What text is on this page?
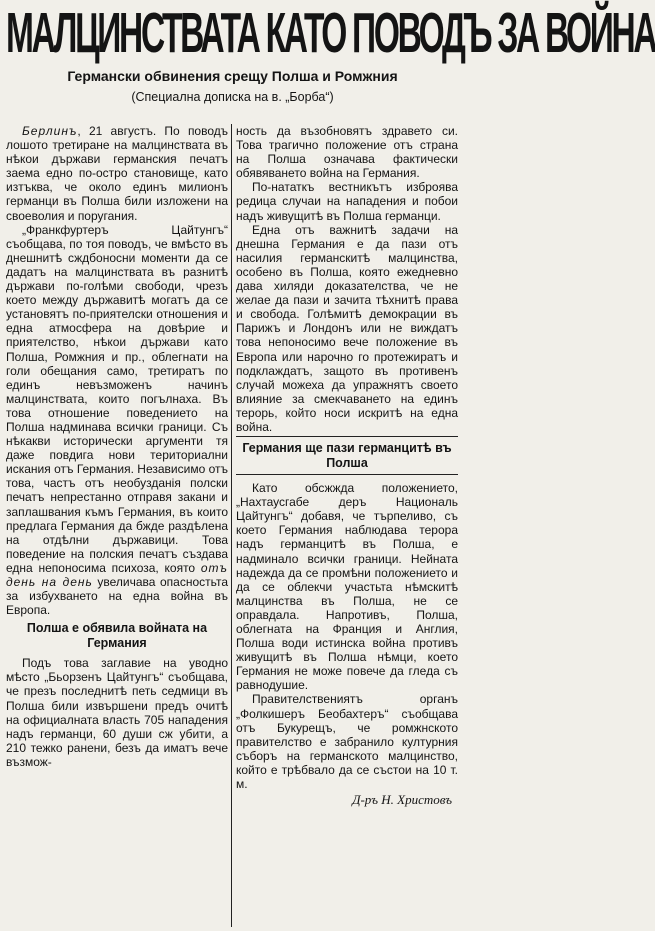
МАЛЦИНСТВАТА КАТО ПОВОДЪ ЗА ВОЙНА
Германски обвинения срещу Полша и Ромжния
(Специална дописка на в. „Борба“)

Берлинъ, 21 августъ. По поводъ лошото третиране на малцинствата въ нѣкои държави германския печатъ заема едно по-остро становище, като изтъква, че около единъ милионъ германци въ Полша били изложени на своеволия и поругания.

„Франкфуртеръ Цайтунгъ“ съобщава, по тоя поводъ, че вмѣсто въ днешнитѣ сждбоносни моменти да се дадатъ на малцинствата въ разнитѣ държави по-голѣми свободи, чрезъ което между държавитѣ могатъ да се установятъ по-приятелски отношения и една атмосфера на довѣрие и приятелство, нѣкои държави като Полша, Ромжния и пр., облегнати на голи обещания само, третиратъ по единъ невъзможенъ начинъ малцинствата, които погълнаха. Въ това отношение поведението на Полша надминава всички граници. Съ нѣкакви исторически аргументи тя даже повдига нови териториални искания отъ Германия. Независимо отъ това, частъ отъ необузданія полски печатъ непрестанно отправя закани и заплашвания къмъ Германия, въ които предлага Германия да бжде раздѣлена на отдѣлни държавици. Това поведение на полския печатъ създава една непоносима психоза, която отъ день на день увеличава опасностьта за избухването на една война въ Европа.

Полша е обявила войната на Германия

Подъ това заглавие на уводно мѣсто „Бьорзенъ Цайтунгъ“ съобщава, че презъ последнитѣ петь седмици въ Полша били извършени предъ очитѣ на официалната власть 705 нападения надъ германци, 60 души сж убити, а 210 тежко ранени, безъ да иматъ вече възмож-

ность да възобновятъ здравето си. Това трагично положение отъ страна на Полша означава фактически обявяването война на Германия.

По-нататкъ вестникътъ изброява редица случаи на нападения и побои надъ живущитѣ въ Полша германци.

Една отъ важнитѣ задачи на днешна Германия е да пази отъ насилия германскитѣ малцинства, особено въ Полша, която ежедневно дава хиляди доказателства, че не желае да пази и зачита тѣхнитѣ права и свобода. Голѣмитѣ демокрации въ Парижъ и Лондонъ или не виждатъ това непоносимо вече положение въ Европа или нарочно го протежиратъ и подклаждатъ, защото въ противенъ случай можеха да упражнятъ своето влияние за смекчаването на единъ терорь, който носи искритѣ на една война.

Германия ще пази германцитѣ въ Полша

Като обсжжда положението, „Нахтаусгабе деръ Националь Цайтунгъ“ добавя, че търпеливо, съ което Германия наблюдава терора надъ германцитѣ въ Полша, е надминало всички граници. Нейната надежда да се промѣни положението и да се облекчи участьта нѣмскитѣ малцинства въ Полша, не се оправдала. Напротивъ, Полша, облегната на Франция и Англия, Полша води истинска война противъ живущитѣ въ Полша нѣмци, което Германия не може повече да гледа съ равнодушие.

Правителствениятъ органъ „Фолкишеръ Беобахтеръ“ съобщава отъ Букурещъ, че ромжнското правителство е забранило културния съборъ на германското малцинство, който е трѣбвало да се състои на 10 т. м.

Д-ръ Н. Христовъ
